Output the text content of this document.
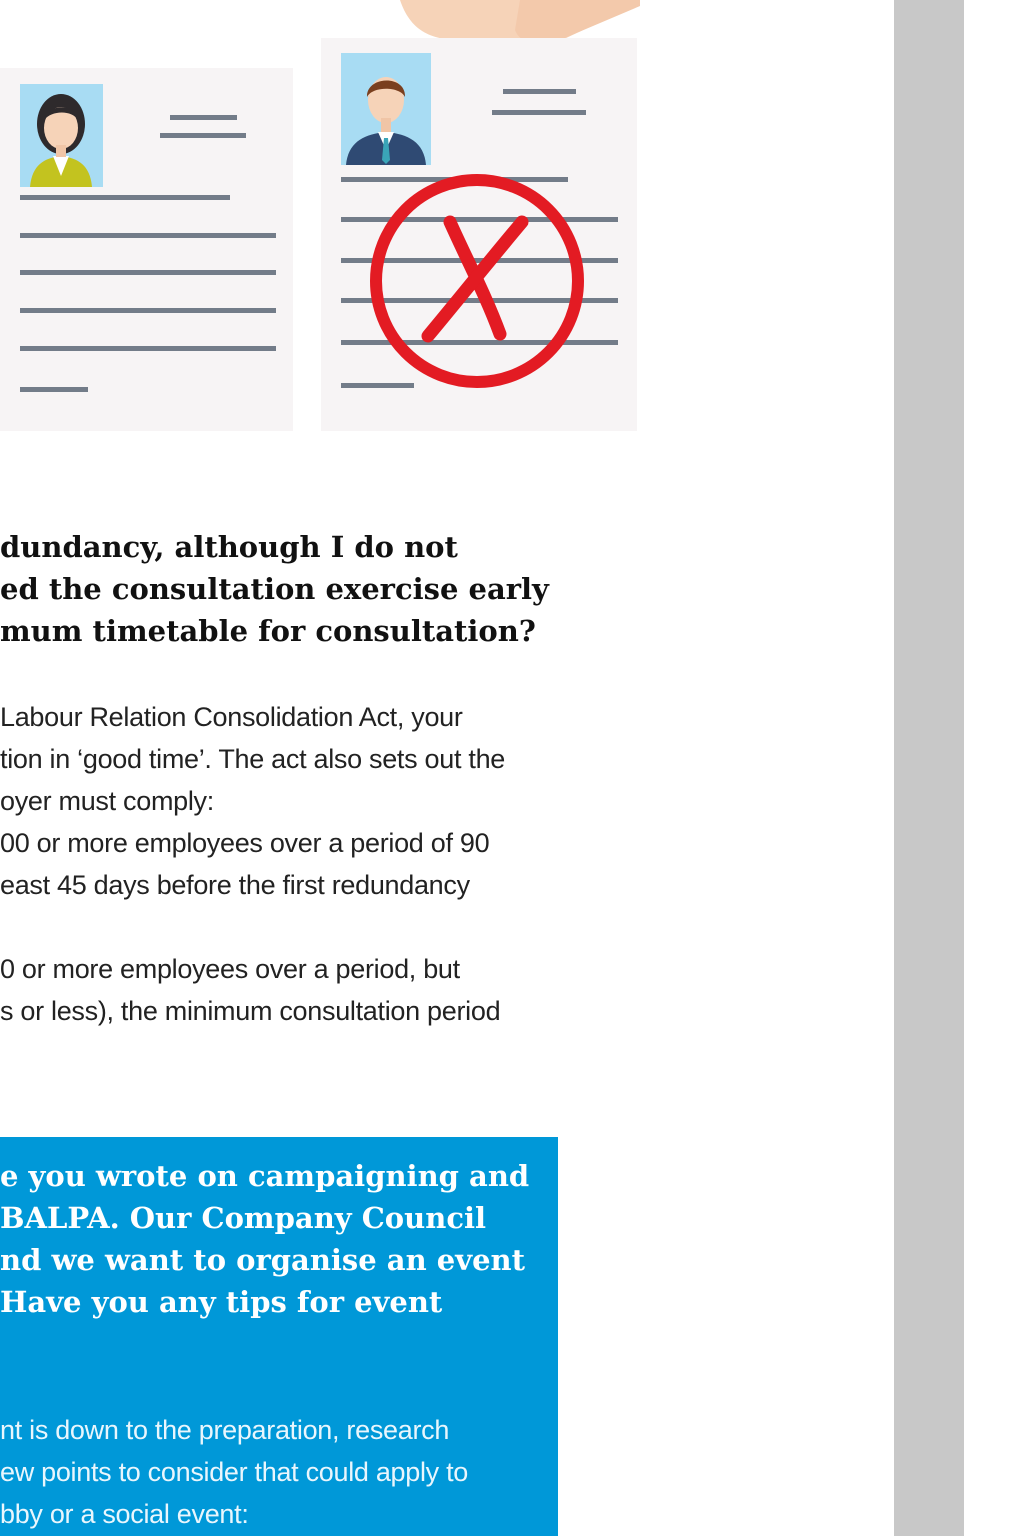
dundancy, although I do not
ed the consultation exercise early
mum timetable for consultation?
Labour Relation Consolidation Act, your
tion in ‘good time’. The act also sets out the
oyer must comply:
00 or more employees over a period of 90
east 45 days before the first redundancy
0 or more employees over a period, but
s or less), the minimum consultation period
e you wrote on campaigning and
BALPA. Our Company Council
nd we want to organise an event
Have you any tips for event
nt is down to the preparation, research
ew points to consider that could apply to
bby or a social event:
